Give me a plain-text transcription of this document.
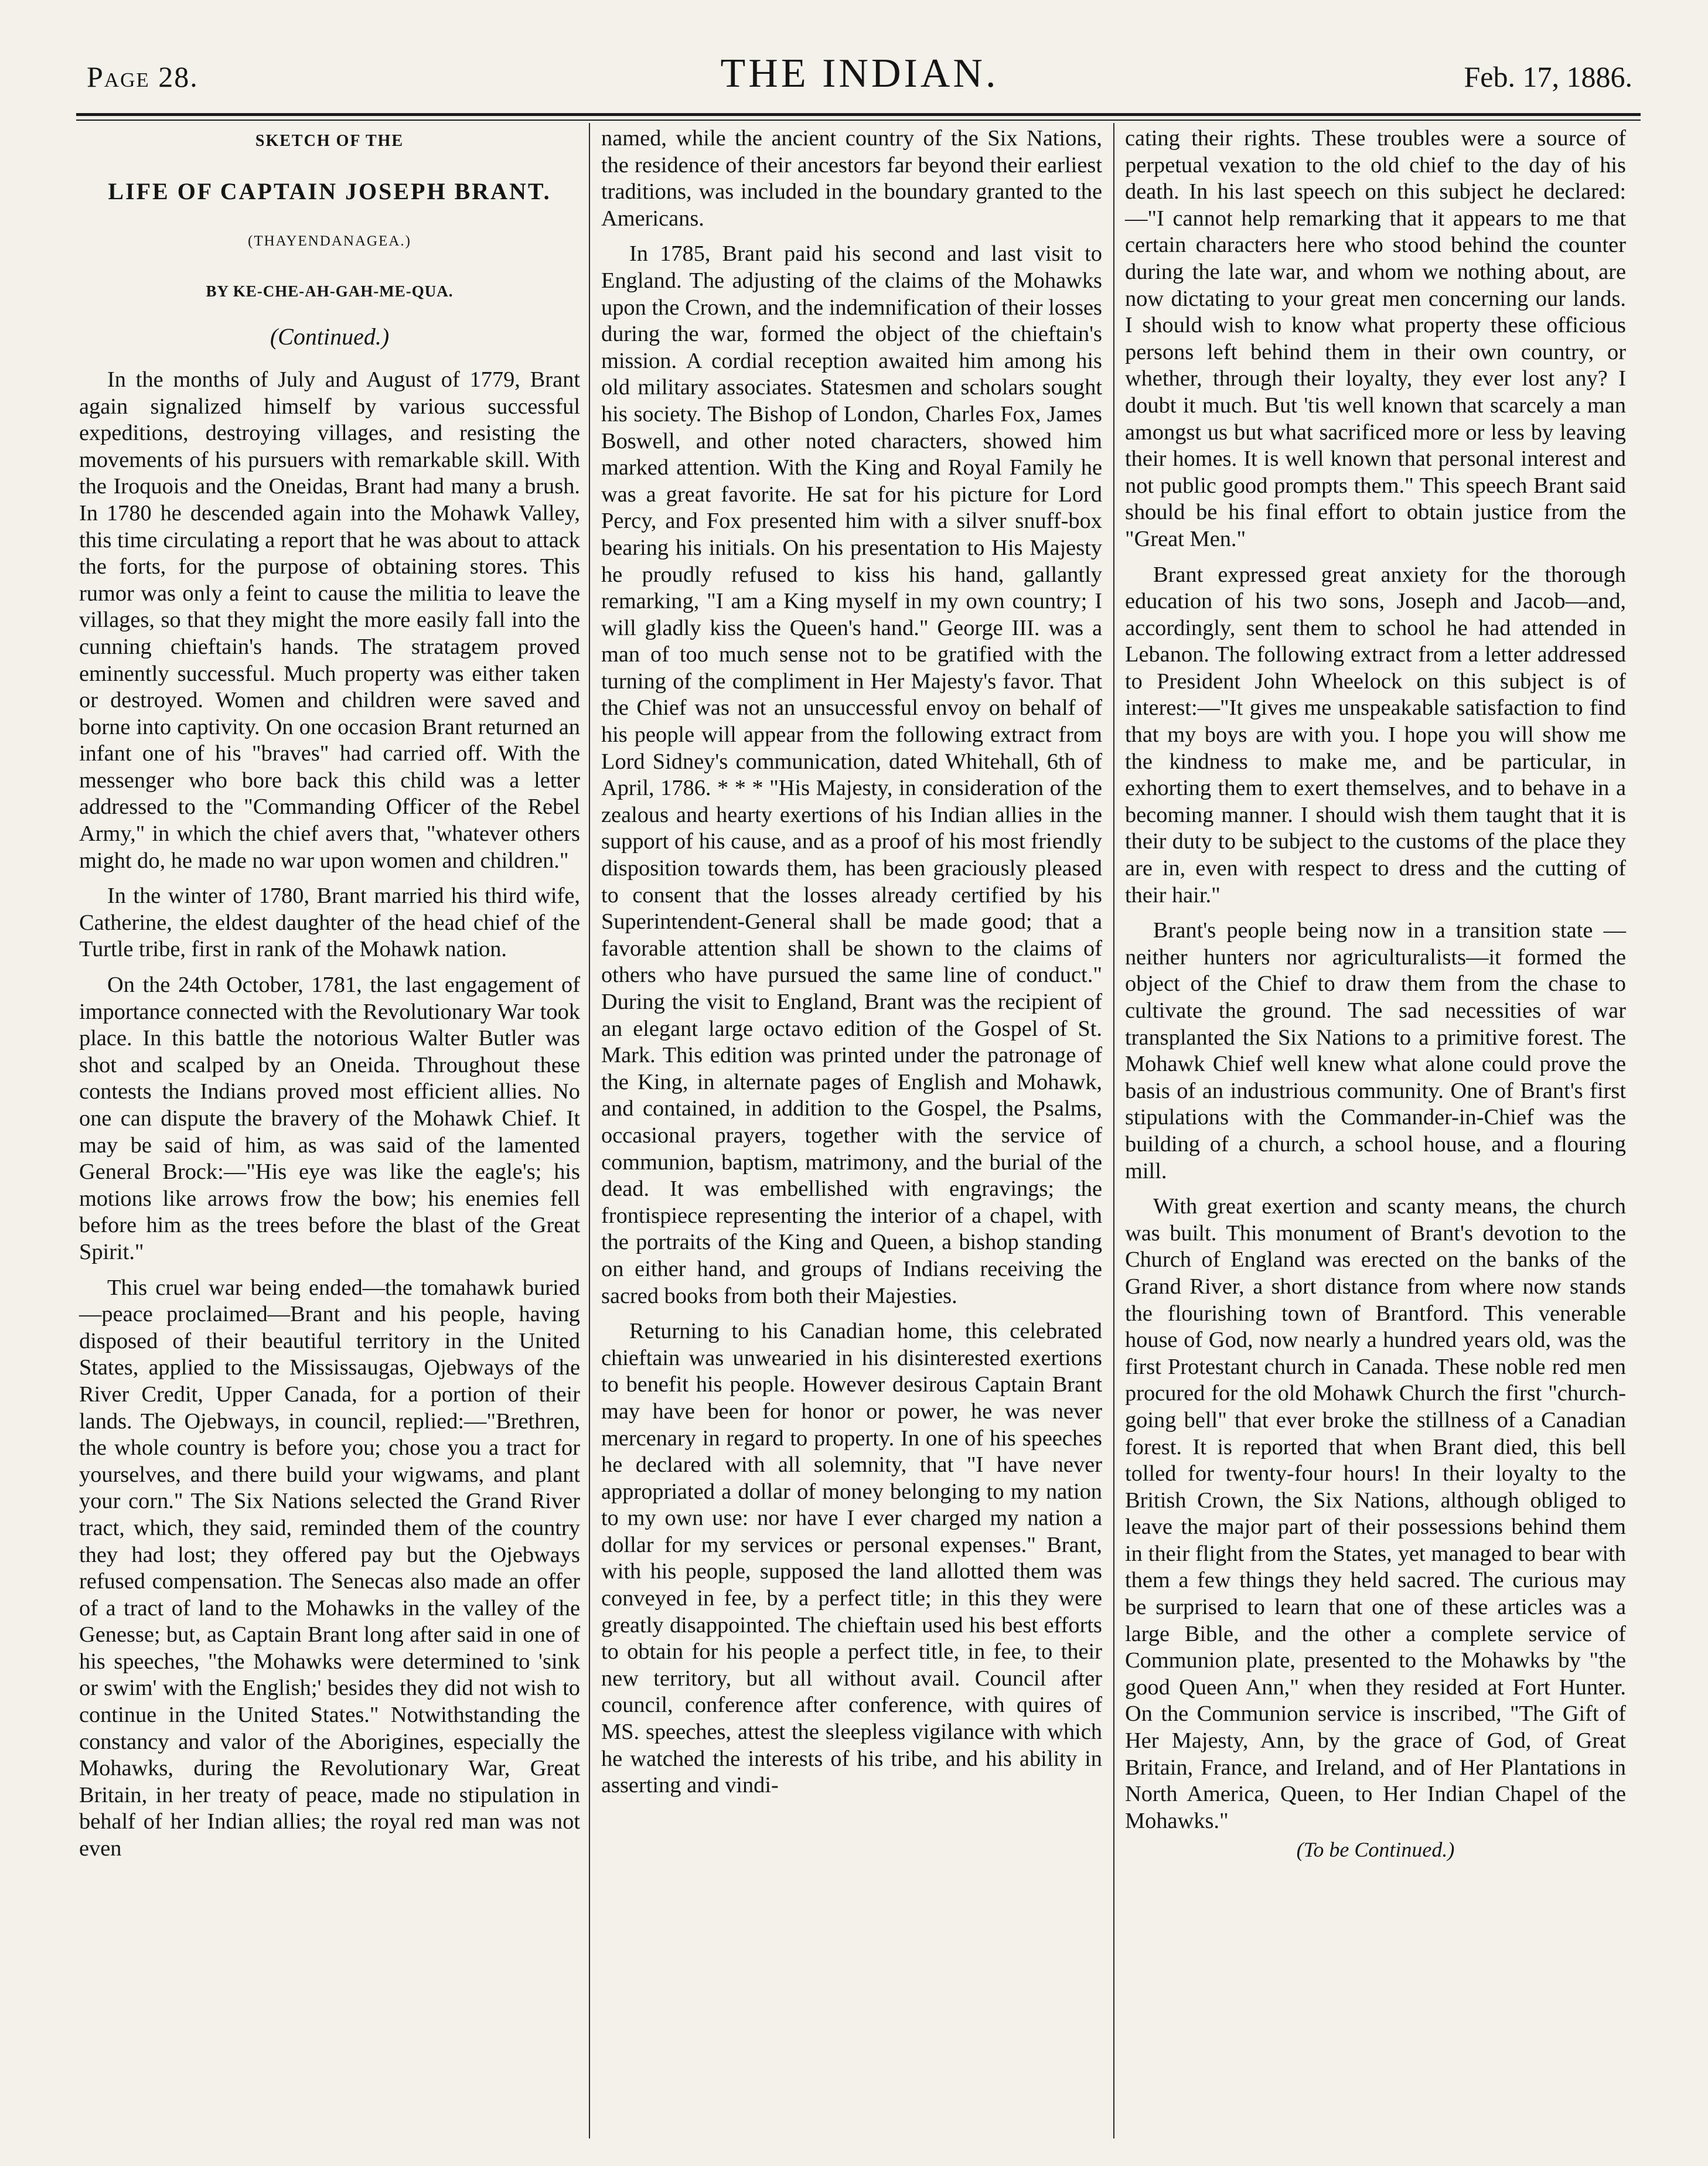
Page 28.	THE INDIAN.	Feb. 17, 1886.
SKETCH OF THE
LIFE OF CAPTAIN JOSEPH BRANT.
(THAYENDANAGEA.)
BY KE-CHE-AH-GAH-ME-QUA.
(Continued.)

In the months of July and August of 1779, Brant again signalized himself by various successful expeditions, destroying villages, and resisting the movements of his pursuers with remarkable skill. With the Iroquois and the Oneidas, Brant had many a brush. In 1780 he descended again into the Mohawk Valley, this time circulating a report that he was about to attack the forts, for the purpose of obtaining stores. This rumor was only a feint to cause the militia to leave the villages, so that they might the more easily fall into the cunning chieftain's hands. The stratagem proved eminently successful. Much property was either taken or destroyed. Women and children were saved and borne into captivity. On one occasion Brant returned an infant one of his "braves" had carried off. With the messenger who bore back this child was a letter addressed to the "Commanding Officer of the Rebel Army," in which the chief avers that, "whatever others might do, he made no war upon women and children."

In the winter of 1780, Brant married his third wife, Catherine, the eldest daughter of the head chief of the Turtle tribe, first in rank of the Mohawk nation.

On the 24th October, 1781, the last engagement of importance connected with the Revolutionary War took place. In this battle the notorious Walter Butler was shot and scalped by an Oneida. Throughout these contests the Indians proved most efficient allies. No one can dispute the bravery of the Mohawk Chief. It may be said of him, as was said of the lamented General Brock:—"His eye was like the eagle's; his motions like arrows frow the bow; his enemies fell before him as the trees before the blast of the Great Spirit."

This cruel war being ended—the tomahawk buried—peace proclaimed—Brant and his people, having disposed of their beautiful territory in the United States, applied to the Mississaugas, Ojebways of the River Credit, Upper Canada, for a portion of their lands. The Ojebways, in council, replied:—"Brethren, the whole country is before you; chose you a tract for yourselves, and there build your wigwams, and plant your corn." The Six Nations selected the Grand River tract, which, they said, reminded them of the country they had lost; they offered pay but the Ojebways refused compensation. The Senecas also made an offer of a tract of land to the Mohawks in the valley of the Genesse; but, as Captain Brant long after said in one of his speeches, "the Mohawks were determined to 'sink or swim' with the English;' besides they did not wish to continue in the United States." Notwithstanding the constancy and valor of the Aborigines, especially the Mohawks, during the Revolutionary War, Great Britain, in her treaty of peace, made no stipulation in behalf of her Indian allies; the royal red man was not even

named, while the ancient country of the Six Nations, the residence of their ancestors far beyond their earliest traditions, was included in the boundary granted to the Americans.

In 1785, Brant paid his second and last visit to England. The adjusting of the claims of the Mohawks upon the Crown, and the indemnification of their losses during the war, formed the object of the chieftain's mission. A cordial reception awaited him among his old military associates. Statesmen and scholars sought his society. The Bishop of London, Charles Fox, James Boswell, and other noted characters, showed him marked attention. With the King and Royal Family he was a great favorite. He sat for his picture for Lord Percy, and Fox presented him with a silver snuff-box bearing his initials. On his presentation to His Majesty he proudly refused to kiss his hand, gallantly remarking, "I am a King myself in my own country; I will gladly kiss the Queen's hand." George III. was a man of too much sense not to be gratified with the turning of the compliment in Her Majesty's favor. That the Chief was not an unsuccessful envoy on behalf of his people will appear from the following extract from Lord Sidney's communication, dated Whitehall, 6th of April, 1786. * * * "His Majesty, in consideration of the zealous and hearty exertions of his Indian allies in the support of his cause, and as a proof of his most friendly disposition towards them, has been graciously pleased to consent that the losses already certified by his Superintendent-General shall be made good; that a favorable attention shall be shown to the claims of others who have pursued the same line of conduct." During the visit to England, Brant was the recipient of an elegant large octavo edition of the Gospel of St. Mark. This edition was printed under the patronage of the King, in alternate pages of English and Mohawk, and contained, in addition to the Gospel, the Psalms, occasional prayers, together with the service of communion, baptism, matrimony, and the burial of the dead. It was embellished with engravings; the frontispiece representing the interior of a chapel, with the portraits of the King and Queen, a bishop standing on either hand, and groups of Indians receiving the sacred books from both their Majesties.

Returning to his Canadian home, this celebrated chieftain was unwearied in his disinterested exertions to benefit his people. However desirous Captain Brant may have been for honor or power, he was never mercenary in regard to property. In one of his speeches he declared with all solemnity, that "I have never appropriated a dollar of money belonging to my nation to my own use: nor have I ever charged my nation a dollar for my services or personal expenses." Brant, with his people, supposed the land allotted them was conveyed in fee, by a perfect title; in this they were greatly disappointed. The chieftain used his best efforts to obtain for his people a perfect title, in fee, to their new territory, but all without avail. Council after council, conference after conference, with quires of MS. speeches, attest the sleepless vigilance with which he watched the interests of his tribe, and his ability in asserting and vindi-

cating their rights. These troubles were a source of perpetual vexation to the old chief to the day of his death. In his last speech on this subject he declared:—"I cannot help remarking that it appears to me that certain characters here who stood behind the counter during the late war, and whom we nothing about, are now dictating to your great men concerning our lands. I should wish to know what property these officious persons left behind them in their own country, or whether, through their loyalty, they ever lost any? I doubt it much. But 'tis well known that scarcely a man amongst us but what sacrificed more or less by leaving their homes. It is well known that personal interest and not public good prompts them." This speech Brant said should be his final effort to obtain justice from the "Great Men."

Brant expressed great anxiety for the thorough education of his two sons, Joseph and Jacob—and, accordingly, sent them to school he had attended in Lebanon. The following extract from a letter addressed to President John Wheelock on this subject is of interest:—"It gives me unspeakable satisfaction to find that my boys are with you. I hope you will show me the kindness to make me, and be particular, in exhorting them to exert themselves, and to behave in a becoming manner. I should wish them taught that it is their duty to be subject to the customs of the place they are in, even with respect to dress and the cutting of their hair."

Brant's people being now in a transition state —neither hunters nor agriculturalists—it formed the object of the Chief to draw them from the chase to cultivate the ground. The sad necessities of war transplanted the Six Nations to a primitive forest. The Mohawk Chief well knew what alone could prove the basis of an industrious community. One of Brant's first stipulations with the Commander-in-Chief was the building of a church, a school house, and a flouring mill.

With great exertion and scanty means, the church was built. This monument of Brant's devotion to the Church of England was erected on the banks of the Grand River, a short distance from where now stands the flourishing town of Brantford. This venerable house of God, now nearly a hundred years old, was the first Protestant church in Canada. These noble red men procured for the old Mohawk Church the first "church-going bell" that ever broke the stillness of a Canadian forest. It is reported that when Brant died, this bell tolled for twenty-four hours! In their loyalty to the British Crown, the Six Nations, although obliged to leave the major part of their possessions behind them in their flight from the States, yet managed to bear with them a few things they held sacred. The curious may be surprised to learn that one of these articles was a large Bible, and the other a complete service of Communion plate, presented to the Mohawks by "the good Queen Ann," when they resided at Fort Hunter. On the Communion service is inscribed, "The Gift of Her Majesty, Ann, by the grace of God, of Great Britain, France, and Ireland, and of Her Plantations in North America, Queen, to Her Indian Chapel of the Mohawks."

(To be Continued.)
